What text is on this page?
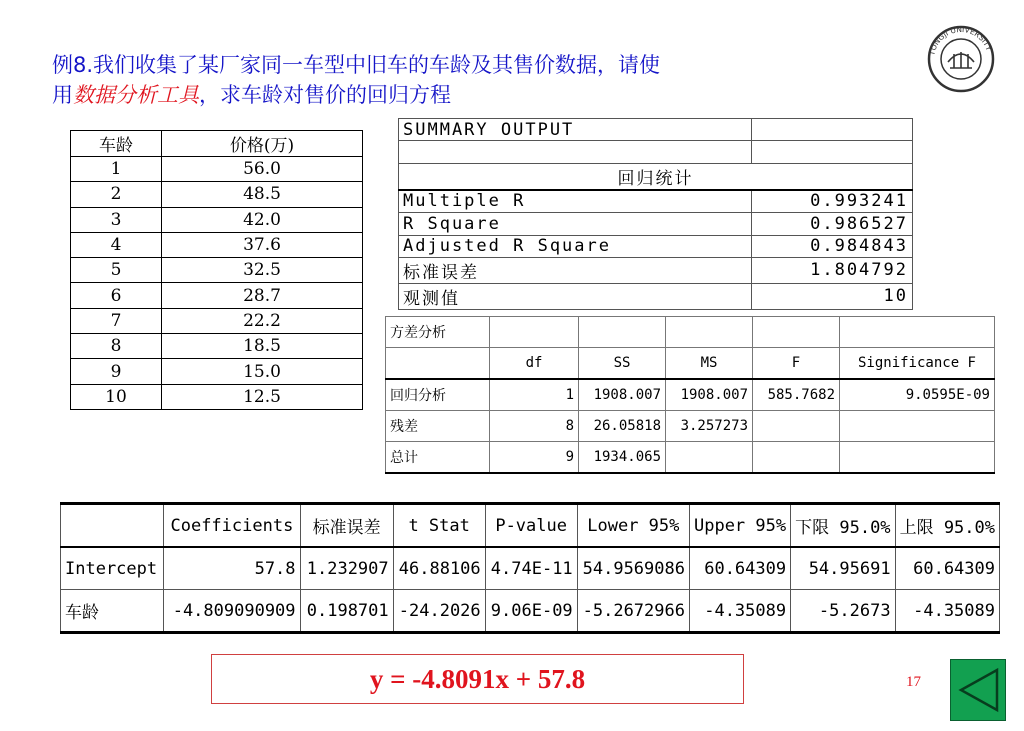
例8.我们收集了某厂家同一车型中旧车的车龄及其售价数据，请使
用数据分析工具，求车龄对售价的回归方程
TONGJI UNIVERSITY
车龄	价格(万)
1	56.0
2	48.5
3	42.0
4	37.6
5	32.5
6	28.7
7	22.2
8	18.5
9	15.0
10	12.5
SUMMARY OUTPUT	

回归统计	
Multiple R	0.993241
R Square	0.986527
Adjusted R Square	0.984843
标准误差	1.804792
观测值	10
方差分析					
	df	SS	MS	F	Significance F
回归分析	1	1908.007	1908.007	585.7682	9.0595E-09
残差	8	26.05818	3.257273		
总计	9	1934.065			
	Coefficients	标准误差	t Stat	P-value	Lower 95%	Upper 95%	下限 95.0%	上限 95.0%
Intercept	57.8	1.232907	46.88106	4.74E-11	54.9569086	60.64309	54.95691	60.64309
车龄	-4.809090909	0.198701	-24.2026	9.06E-09	-5.2672966	-4.35089	-5.2673	-4.35089
y = -4.8091x + 57.8	17
